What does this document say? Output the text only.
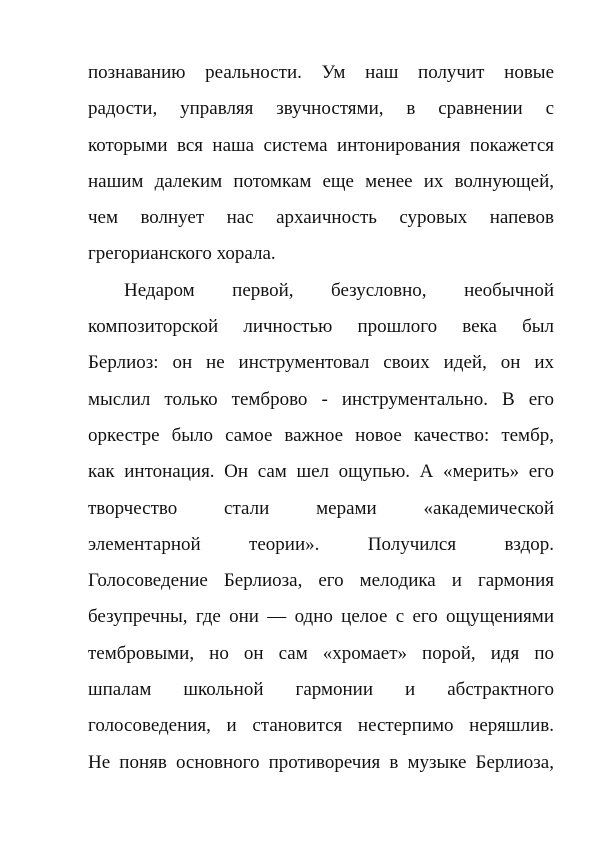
познаванию реальности. Ум наш получит новые
радости, управляя звучностями, в сравнении с
которыми вся наша система интонирования покажется
нашим далеким потомкам еще менее их волнующей,
чем волнует нас архаичность суровых напевов
грегорианского хорала.
Недаром первой, безусловно, необычной
композиторской личностью прошлого века был
Берлиоз: он не инструментовал своих идей, он их
мыслил только темброво - инструментально. В его
оркестре было самое важное новое качество: тембр,
как интонация. Он сам шел ощупью. А «мерить» его
творчество стали мерами «академической
элементарной теории». Получился вздор.
Голосоведение Берлиоза, его мелодика и гармония
безупречны, где они — одно целое с его ощущениями
тембровыми, но он сам «хромает» порой, идя по
шпалам школьной гармонии и абстрактного
голосоведения, и становится нестерпимо неряшлив.
Не поняв основного противоречия в музыке Берлиоза,
